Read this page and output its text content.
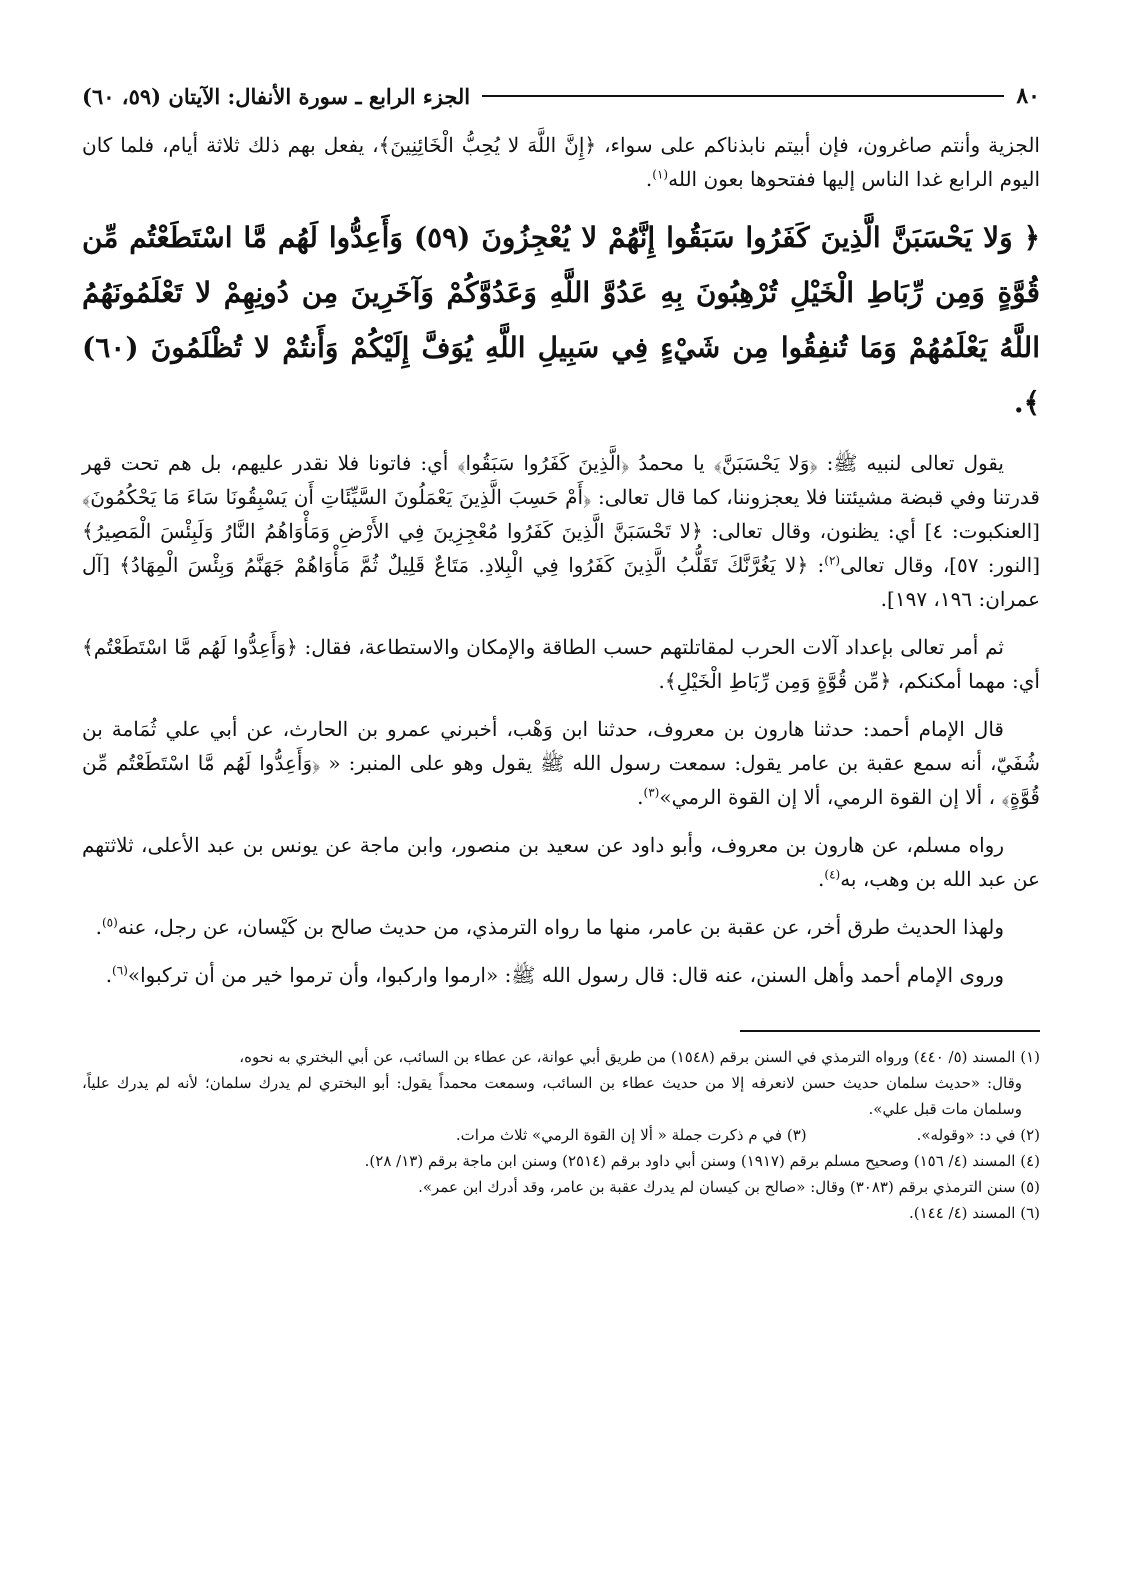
٨٠
الجزء الرابع ـ سورة الأنفال: الآيتان (٥٩، ٦٠)

الجزية وأنتم صاغرون، فإن أبيتم نابذناكم على سواء، ﴿إِنَّ اللَّهَ لا يُحِبُّ الْخَائِنِينَ﴾، يفعل بهم ذلك ثلاثة أيام، فلما كان اليوم الرابع غدا الناس إليها ففتحوها بعون الله$^{(١)}$.

﴿ وَلا يَحْسَبَنَّ الَّذِينَ كَفَرُوا سَبَقُوا إِنَّهُمْ لا يُعْجِزُونَ (٥٩) وَأَعِدُّوا لَهُم مَّا اسْتَطَعْتُم مِّن قُوَّةٍ وَمِن رِّبَاطِ الْخَيْلِ تُرْهِبُونَ بِهِ عَدُوَّ اللَّهِ وَعَدُوَّكُمْ وَآخَرِينَ مِن دُونِهِمْ لا تَعْلَمُونَهُمُ اللَّهُ يَعْلَمُهُمْ وَمَا تُنفِقُوا مِن شَيْءٍ فِي سَبِيلِ اللَّهِ يُوَفَّ إِلَيْكُمْ وَأَنتُمْ لا تُظْلَمُونَ (٦٠) ﴾.

يقول تعالى لنبيه ﷺ: ﴿وَلا يَحْسَبَنَّ﴾ يا محمدُ ﴿الَّذِينَ كَفَرُوا سَبَقُوا﴾ أي: فاتونا فلا نقدر عليهم، بل هم تحت قهر قدرتنا وفي قبضة مشيئتنا فلا يعجزوننا، كما قال تعالى: ﴿أَمْ حَسِبَ الَّذِينَ يَعْمَلُونَ السَّيِّئَاتِ أَن يَسْبِقُونَا سَاءَ مَا يَحْكُمُونَ﴾ [العنكبوت: ٤] أي: يظنون، وقال تعالى: ﴿لا تَحْسَبَنَّ الَّذِينَ كَفَرُوا مُعْجِزِينَ فِي الأَرْضِ وَمَأْوَاهُمُ النَّارُ وَلَبِئْسَ الْمَصِيرُ﴾ [النور: ٥٧]، وقال تعالى$^{(٢)}$: ﴿لا يَغُرَّنَّكَ تَقَلُّبُ الَّذِينَ كَفَرُوا فِي الْبِلادِ. مَتَاعٌ قَلِيلٌ ثُمَّ مَأْوَاهُمْ جَهَنَّمُ وَبِئْسَ الْمِهَادُ﴾ [آل عمران: ١٩٦، ١٩٧].

ثم أمر تعالى بإعداد آلات الحرب لمقاتلتهم حسب الطاقة والإمكان والاستطاعة، فقال: ﴿وَأَعِدُّوا لَهُم مَّا اسْتَطَعْتُم﴾ أي: مهما أمكنكم، ﴿مِّن قُوَّةٍ وَمِن رِّبَاطِ الْخَيْلِ﴾.

قال الإمام أحمد: حدثنا هارون بن معروف، حدثنا ابن وَهْب، أخبرني عمرو بن الحارث، عن أبي علي ثُمَامة بن شُفَيّ، أنه سمع عقبة بن عامر يقول: سمعت رسول الله ﷺ يقول وهو على المنبر: « ﴿وَأَعِدُّوا لَهُم مَّا اسْتَطَعْتُم مِّن قُوَّةٍ﴾ ، ألا إن القوة الرمي، ألا إن القوة الرمي»$^{(٣)}$.

رواه مسلم، عن هارون بن معروف، وأبو داود عن سعيد بن منصور، وابن ماجة عن يونس بن عبد الأعلى، ثلاثتهم عن عبد الله بن وهب، به$^{(٤)}$.

ولهذا الحديث طرق أخر، عن عقبة بن عامر، منها ما رواه الترمذي، من حديث صالح بن كَيْسان، عن رجل، عنه$^{(٥)}$.

وروى الإمام أحمد وأهل السنن، عنه قال: قال رسول الله ﷺ: «ارموا واركبوا، وأن ترموا خير من أن تركبوا»$^{(٦)}$.

(١) المسند (٥/ ٤٤٠) ورواه الترمذي في السنن برقم (١٥٤٨) من طريق أبي عوانة، عن عطاء بن السائب، عن أبي البختري به نحوه،

وقال: «حديث سلمان حديث حسن لانعرفه إلا من حديث عطاء بن السائب، وسمعت محمداً يقول: أبو البختري لم يدرك سلمان؛ لأنه لم يدرك علياً، وسلمان مات قبل علي».

(٢) في د: «وقوله».
(٣) في م ذكرت جملة « ألا إن القوة الرمي» ثلاث مرات.

(٤) المسند (٤/ ١٥٦) وصحيح مسلم برقم (١٩١٧) وسنن أبي داود برقم (٢٥١٤) وسنن ابن ماجة برقم (١٣/ ٢٨).

(٥) سنن الترمذي برقم (٣٠٨٣) وقال: «صالح بن كيسان لم يدرك عقبة بن عامر، وقد أدرك ابن عمر».

(٦) المسند (٤/ ١٤٤).
